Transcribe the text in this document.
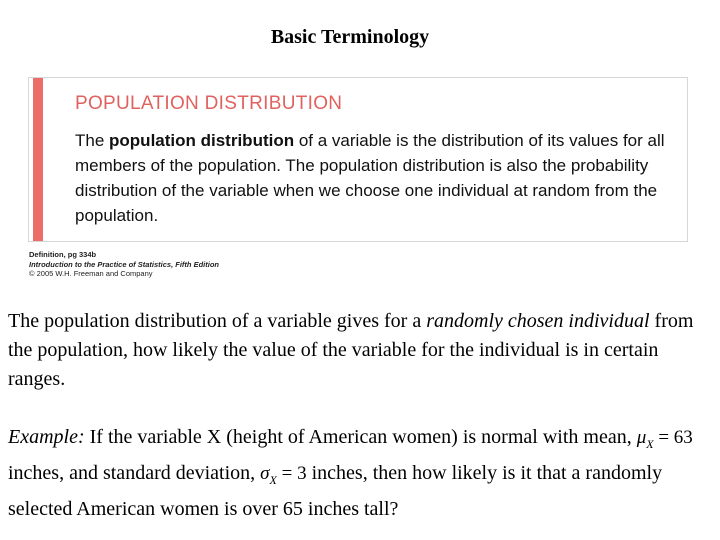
Basic Terminology
POPULATION DISTRIBUTION
The population distribution of a variable is the distribution of its values for all members of the population. The population distribution is also the probability distribution of the variable when we choose one individual at random from the population.
Definition, pg 334b
Introduction to the Practice of Statistics, Fifth Edition
© 2005 W.H. Freeman and Company
The population distribution of a variable gives for a randomly chosen individual from the population, how likely the value of the variable for the individual is in certain ranges.
Example: If the variable X (height of American women) is normal with mean, $\mu_X = 63$ inches, and standard deviation, $\sigma_X = 3$ inches, then how likely is it that a randomly selected American women is over 65 inches tall?
